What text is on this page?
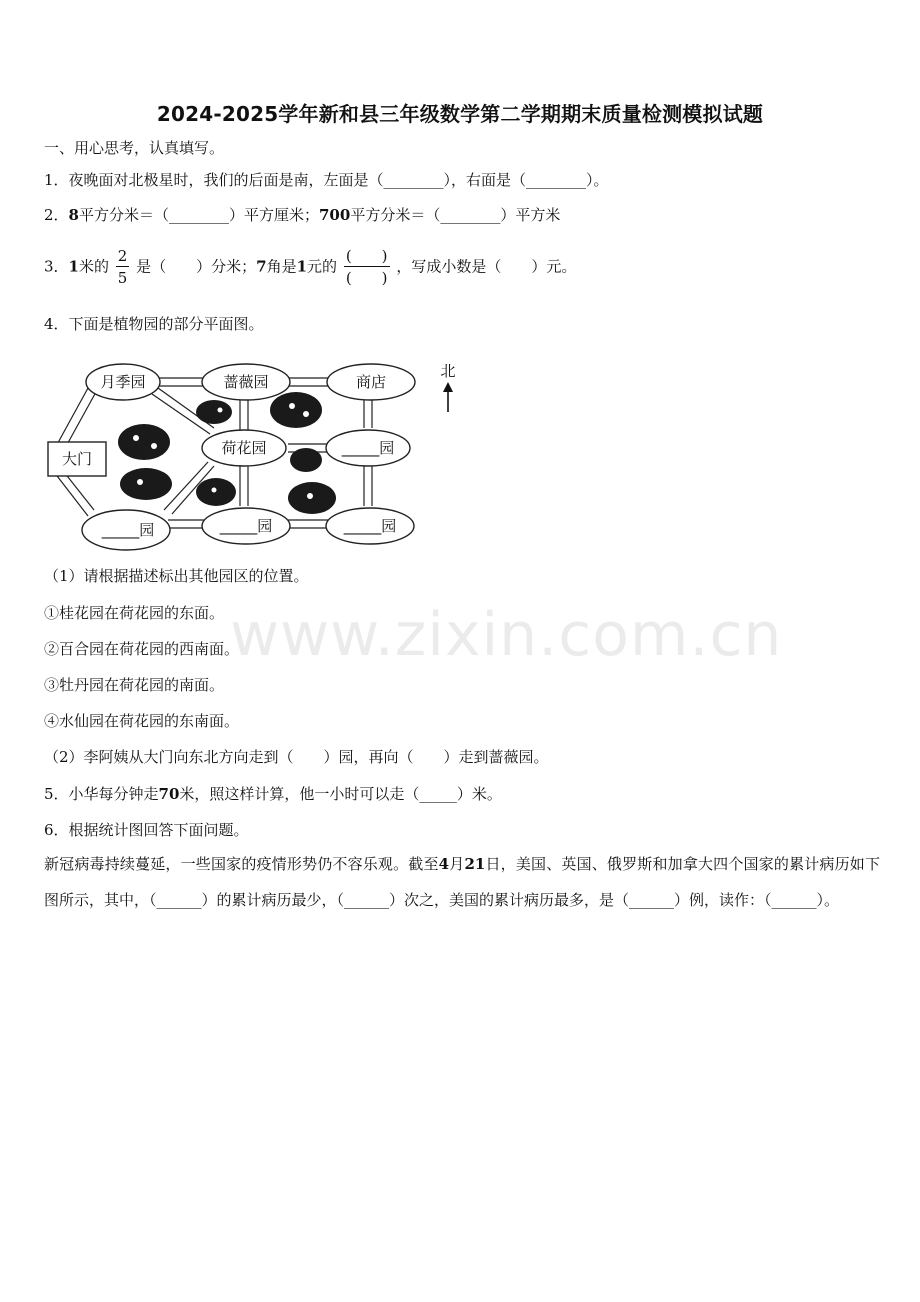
2024-2025学年新和县三年级数学第二学期期末质量检测模拟试题
一、用心思考，认真填写。
1．夜晚面对北极星时，我们的后面是南，左面是（________），右面是（________）。
2．8平方分米＝（________）平方厘米；700平方分米＝（________）平方米
3．1米的 $\frac{2}{5}$ 是（　　）分米；7角是1元的 $\frac{( )}{( )}$ ，写成小数是（　　）元。
4．下面是植物园的部分平面图。
月季园	蔷薇园	商店
荷花园	_____园
大门
_____园	_____园	_____园
北
（1）请根据描述标出其他园区的位置。
①桂花园在荷花园的东面。
②百合园在荷花园的西南面。
③牡丹园在荷花园的南面。
④水仙园在荷花园的东南面。
（2）李阿姨从大门向东北方向走到（　　）园，再向（　　）走到蔷薇园。
5．小华每分钟走70米，照这样计算，他一小时可以走（_____）米。
6．根据统计图回答下面问题。
新冠病毒持续蔓延，一些国家的疫情形势仍不容乐观。截至4月21日，美国、英国、俄罗斯和加拿大四个国家的累计病历如下图所示，其中，（______）的累计病历最少，（______）次之，美国的累计病历最多，是（______）例，读作：（______）。
www.zixin.com.cn
